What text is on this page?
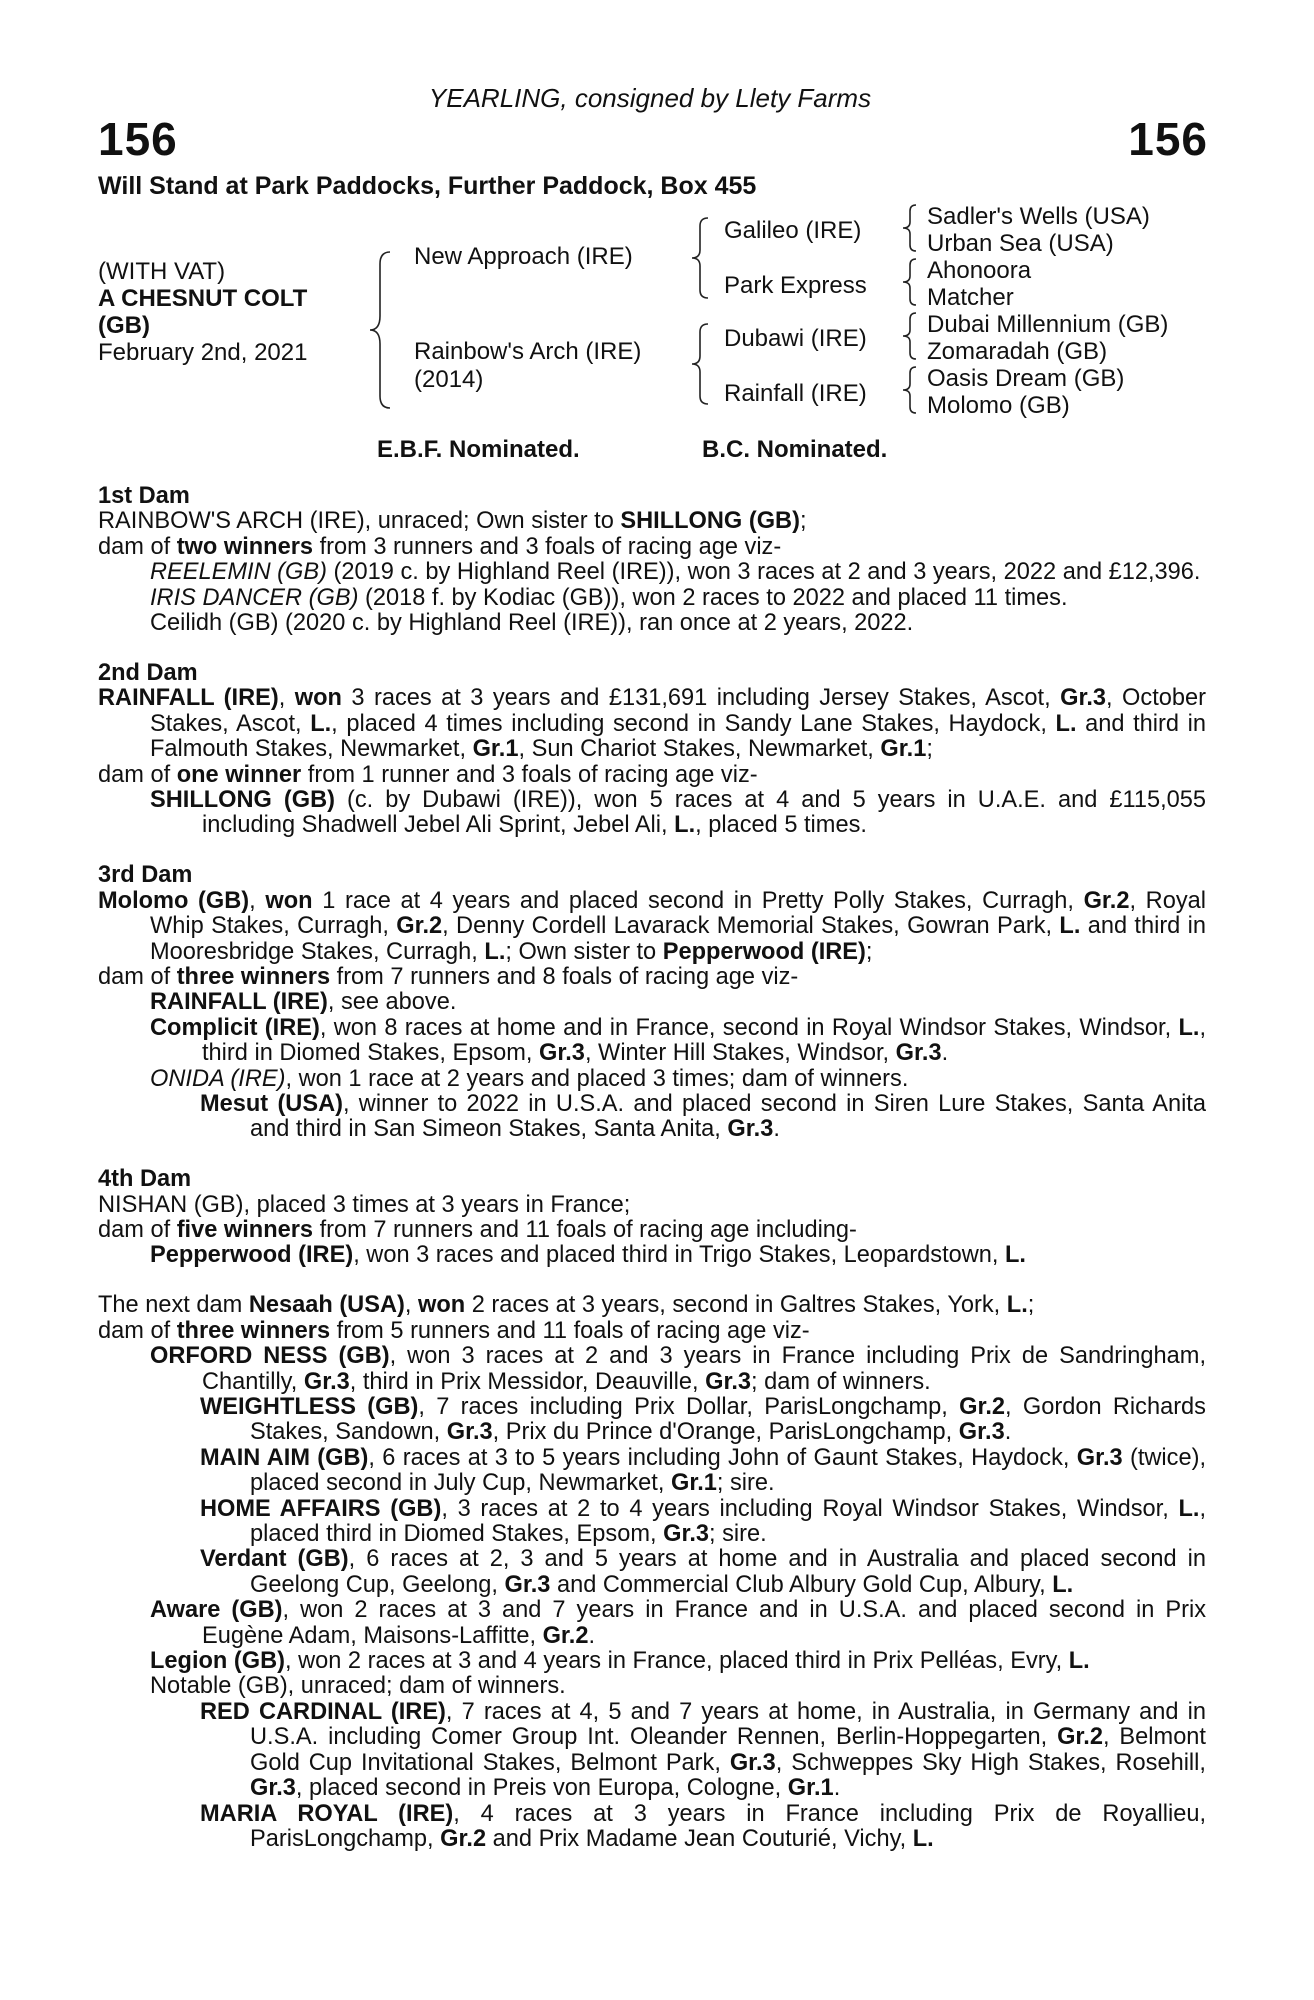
YEARLING, consigned by Llety Farms
156	156
Will Stand at Park Paddocks, Further Paddock, Box 455
(WITH VAT)
A CHESNUT COLT
(GB)
February 2nd, 2021
New Approach (IRE)
Rainbow's Arch (IRE)
(2014)
Galileo (IRE)
Park Express
Dubawi (IRE)
Rainfall (IRE)
Sadler's Wells (USA)
Urban Sea (USA)
Ahonoora
Matcher
Dubai Millennium (GB)
Zomaradah (GB)
Oasis Dream (GB)
Molomo (GB)
E.B.F. Nominated.	B.C. Nominated.
1st Dam
RAINBOW'S ARCH (IRE), unraced; Own sister to SHILLONG (GB);
dam of two winners from 3 runners and 3 foals of racing age viz-
REELEMIN (GB) (2019 c. by Highland Reel (IRE)), won 3 races at 2 and 3 years, 2022 and £12,396.
IRIS DANCER (GB) (2018 f. by Kodiac (GB)), won 2 races to 2022 and placed 11 times.
Ceilidh (GB) (2020 c. by Highland Reel (IRE)), ran once at 2 years, 2022.
2nd Dam
RAINFALL (IRE), won 3 races at 3 years and £131,691 including Jersey Stakes, Ascot, Gr.3, October Stakes, Ascot, L., placed 4 times including second in Sandy Lane Stakes, Haydock, L. and third in Falmouth Stakes, Newmarket, Gr.1, Sun Chariot Stakes, Newmarket, Gr.1;
dam of one winner from 1 runner and 3 foals of racing age viz-
SHILLONG (GB) (c. by Dubawi (IRE)), won 5 races at 4 and 5 years in U.A.E. and £115,055 including Shadwell Jebel Ali Sprint, Jebel Ali, L., placed 5 times.
3rd Dam
Molomo (GB), won 1 race at 4 years and placed second in Pretty Polly Stakes, Curragh, Gr.2, Royal Whip Stakes, Curragh, Gr.2, Denny Cordell Lavarack Memorial Stakes, Gowran Park, L. and third in Mooresbridge Stakes, Curragh, L.; Own sister to Pepperwood (IRE);
dam of three winners from 7 runners and 8 foals of racing age viz-
RAINFALL (IRE), see above.
Complicit (IRE), won 8 races at home and in France, second in Royal Windsor Stakes, Windsor, L., third in Diomed Stakes, Epsom, Gr.3, Winter Hill Stakes, Windsor, Gr.3.
ONIDA (IRE), won 1 race at 2 years and placed 3 times; dam of winners.
Mesut (USA), winner to 2022 in U.S.A. and placed second in Siren Lure Stakes, Santa Anita and third in San Simeon Stakes, Santa Anita, Gr.3.
4th Dam
NISHAN (GB), placed 3 times at 3 years in France;
dam of five winners from 7 runners and 11 foals of racing age including-
Pepperwood (IRE), won 3 races and placed third in Trigo Stakes, Leopardstown, L.
The next dam Nesaah (USA), won 2 races at 3 years, second in Galtres Stakes, York, L.;
dam of three winners from 5 runners and 11 foals of racing age viz-
ORFORD NESS (GB), won 3 races at 2 and 3 years in France including Prix de Sandringham, Chantilly, Gr.3, third in Prix Messidor, Deauville, Gr.3; dam of winners.
WEIGHTLESS (GB), 7 races including Prix Dollar, ParisLongchamp, Gr.2, Gordon Richards Stakes, Sandown, Gr.3, Prix du Prince d'Orange, ParisLongchamp, Gr.3.
MAIN AIM (GB), 6 races at 3 to 5 years including John of Gaunt Stakes, Haydock, Gr.3 (twice), placed second in July Cup, Newmarket, Gr.1; sire.
HOME AFFAIRS (GB), 3 races at 2 to 4 years including Royal Windsor Stakes, Windsor, L., placed third in Diomed Stakes, Epsom, Gr.3; sire.
Verdant (GB), 6 races at 2, 3 and 5 years at home and in Australia and placed second in Geelong Cup, Geelong, Gr.3 and Commercial Club Albury Gold Cup, Albury, L.
Aware (GB), won 2 races at 3 and 7 years in France and in U.S.A. and placed second in Prix Eugène Adam, Maisons-Laffitte, Gr.2.
Legion (GB), won 2 races at 3 and 4 years in France, placed third in Prix Pelléas, Evry, L.
Notable (GB), unraced; dam of winners.
RED CARDINAL (IRE), 7 races at 4, 5 and 7 years at home, in Australia, in Germany and in U.S.A. including Comer Group Int. Oleander Rennen, Berlin-Hoppegarten, Gr.2, Belmont Gold Cup Invitational Stakes, Belmont Park, Gr.3, Schweppes Sky High Stakes, Rosehill, Gr.3, placed second in Preis von Europa, Cologne, Gr.1.
MARIA ROYAL (IRE), 4 races at 3 years in France including Prix de Royallieu, ParisLongchamp, Gr.2 and Prix Madame Jean Couturié, Vichy, L.
